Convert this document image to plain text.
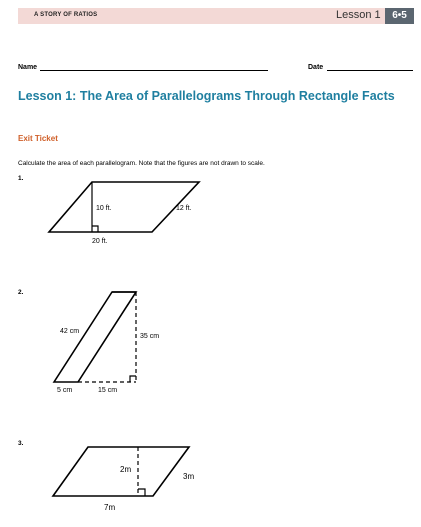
A STORY OF RATIOS	Lesson 1	6•5
Name	Date
Lesson 1: The Area of Parallelograms Through Rectangle Facts
Exit Ticket
Calculate the area of each parallelogram. Note that the figures are not drawn to scale.
1.
2.
3.
10 ft.	12 ft.
20 ft.
42 cm
35 cm
5 cm	15 cm
2m
3m
7m
